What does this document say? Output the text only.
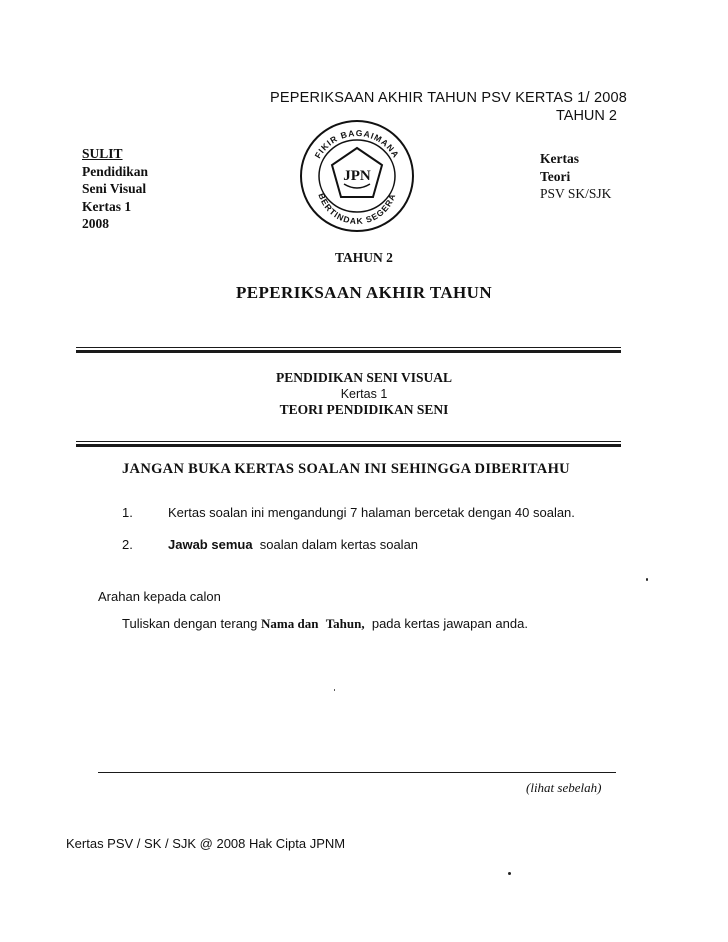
PEPERIKSAAN AKHIR TAHUN PSV KERTAS 1/ 2008
TAHUN 2
SULIT
Pendidikan
Seni Visual
Kertas 1
2008
Kertas
Teori
PSV SK/SJK
FIKIR BAGAIMANA
BERTINDAK SEGERA
JPN
TAHUN 2
PEPERIKSAAN AKHIR TAHUN
PENDIDIKAN SENI VISUAL
Kertas 1
TEORI PENDIDIKAN SENI
JANGAN BUKA KERTAS SOALAN INI SEHINGGA DIBERITAHU
1.	Kertas soalan ini mengandungi 7 halaman bercetak dengan 40 soalan.
2.	Jawab semua  soalan dalam kertas soalan
Arahan kepada calon
Tuliskan dengan terang Nama dan Tahun,  pada kertas jawapan anda.
(lihat sebelah)
Kertas PSV / SK / SJK @ 2008 Hak Cipta JPNM
